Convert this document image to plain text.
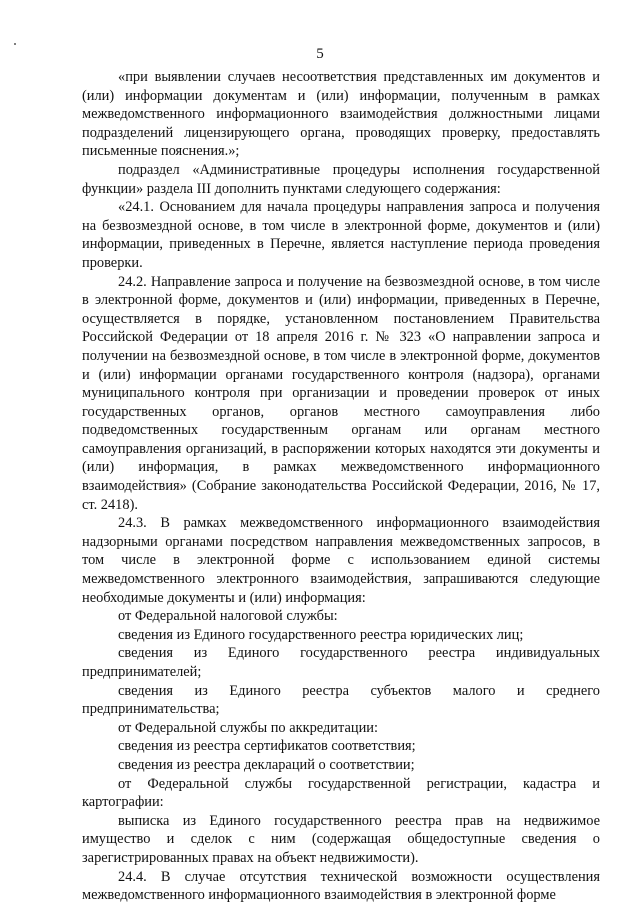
5

«при выявлении случаев несоответствия представленных им документов и (или) информации документам и (или) информации, полученным в рамках межведомственного информационного взаимодействия должностными лицами подразделений лицензирующего органа, проводящих проверку, предоставлять письменные пояснения.»;

подраздел «Административные процедуры исполнения государственной функции» раздела III дополнить пунктами следующего содержания:

«24.1. Основанием для начала процедуры направления запроса и получения на безвозмездной основе, в том числе в электронной форме, документов и (или) информации, приведенных в Перечне, является наступление периода проведения проверки.

24.2. Направление запроса и получение на безвозмездной основе, в том числе в электронной форме, документов и (или) информации, приведенных в Перечне, осуществляется в порядке, установленном постановлением Правительства Российской Федерации от 18 апреля 2016 г. № 323 «О направлении запроса и получении на безвозмездной основе, в том числе в электронной форме, документов и (или) информации органами государственного контроля (надзора), органами муниципального контроля при организации и проведении проверок от иных государственных органов, органов местного самоуправления либо подведомственных государственным органам или органам местного самоуправления организаций, в распоряжении которых находятся эти документы и (или) информация, в рамках межведомственного информационного взаимодействия» (Собрание законодательства Российской Федерации, 2016, № 17, ст. 2418).

24.3. В рамках межведомственного информационного взаимодействия надзорными органами посредством направления межведомственных запросов, в том числе в электронной форме с использованием единой системы межведомственного электронного взаимодействия, запрашиваются следующие необходимые документы и (или) информация:

от Федеральной налоговой службы:

сведения из Единого государственного реестра юридических лиц;

сведения из Единого государственного реестра индивидуальных предпринимателей;

сведения из Единого реестра субъектов малого и среднего предпринимательства;

от Федеральной службы по аккредитации:

сведения из реестра сертификатов соответствия;

сведения из реестра деклараций о соответствии;

от Федеральной службы государственной регистрации, кадастра и картографии:

выписка из Единого государственного реестра прав на недвижимое имущество и сделок с ним (содержащая общедоступные сведения о зарегистрированных правах на объект недвижимости).

24.4. В случае отсутствия технической возможности осуществления межведомственного информационного взаимодействия в электронной форме
